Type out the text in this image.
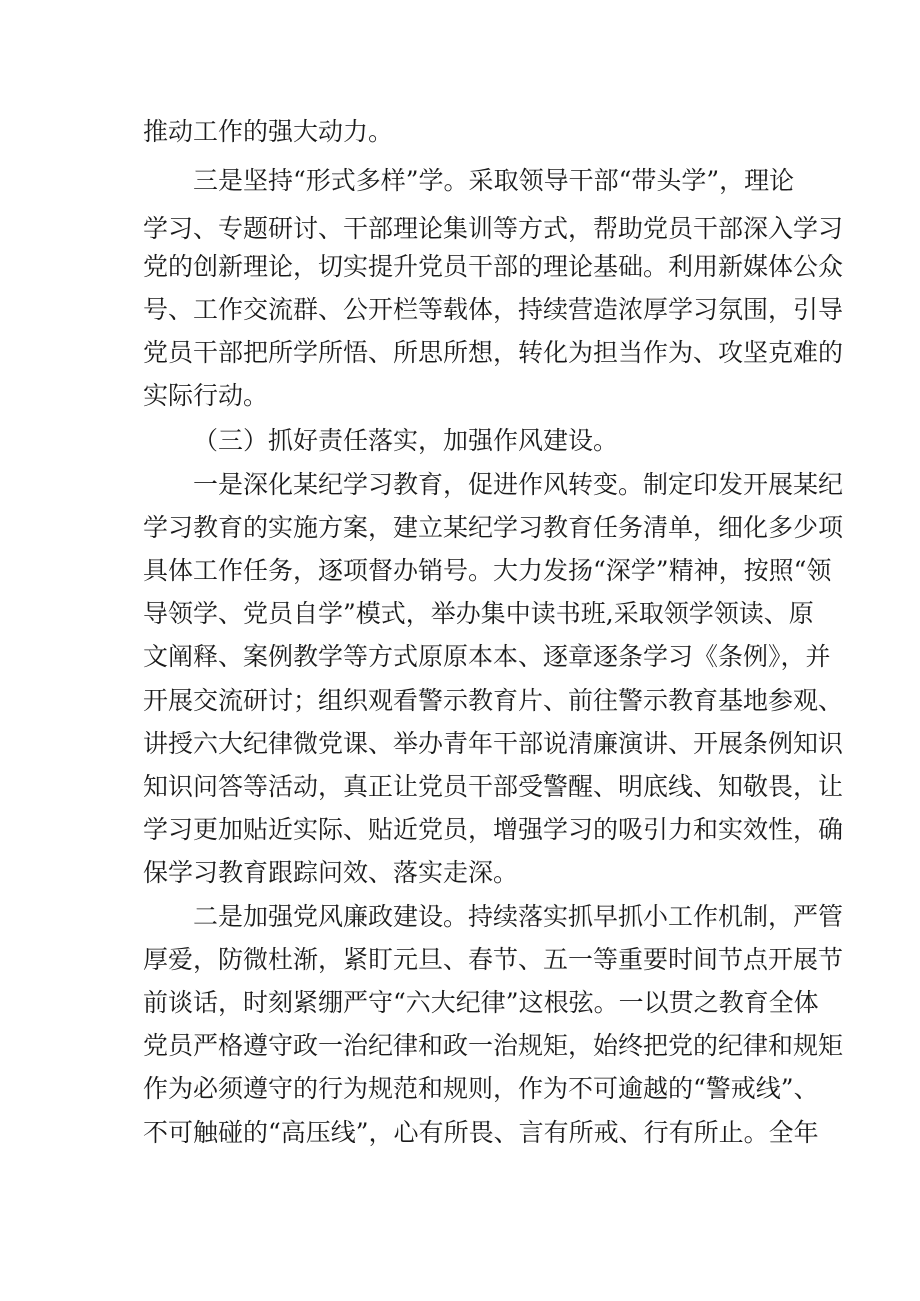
推动工作的强大动力。
三是坚持“形式多样”学。采取领导干部“带头学”，理论
学习、专题研讨、干部理论集训等方式，帮助党员干部深入学习
党的创新理论，切实提升党员干部的理论基础。利用新媒体公众
号、工作交流群、公开栏等载体，持续营造浓厚学习氛围，引导
党员干部把所学所悟、所思所想，转化为担当作为、攻坚克难的
实际行动。
（三）抓好责任落实，加强作风建设。
一是深化某纪学习教育，促进作风转变。制定印发开展某纪
学习教育的实施方案，建立某纪学习教育任务清单，细化多少项
具体工作任务，逐项督办销号。大力发扬“深学”精神，按照“领
导领学、党员自学”模式，举办集中读书班,采取领学领读、原
文阐释、案例教学等方式原原本本、逐章逐条学习《条例》，并
开展交流研讨；组织观看警示教育片、前往警示教育基地参观、
讲授六大纪律微党课、举办青年干部说清廉演讲、开展条例知识
知识问答等活动，真正让党员干部受警醒、明底线、知敬畏，让
学习更加贴近实际、贴近党员，增强学习的吸引力和实效性，确
保学习教育跟踪问效、落实走深。
二是加强党风廉政建设。持续落实抓早抓小工作机制，严管
厚爱，防微杜渐，紧盯元旦、春节、五一等重要时间节点开展节
前谈话，时刻紧绷严守“六大纪律”这根弦。一以贯之教育全体
党员严格遵守政一治纪律和政一治规矩，始终把党的纪律和规矩
作为必须遵守的行为规范和规则，作为不可逾越的“警戒线”、
不可触碰的“高压线”，心有所畏、言有所戒、行有所止。全年
